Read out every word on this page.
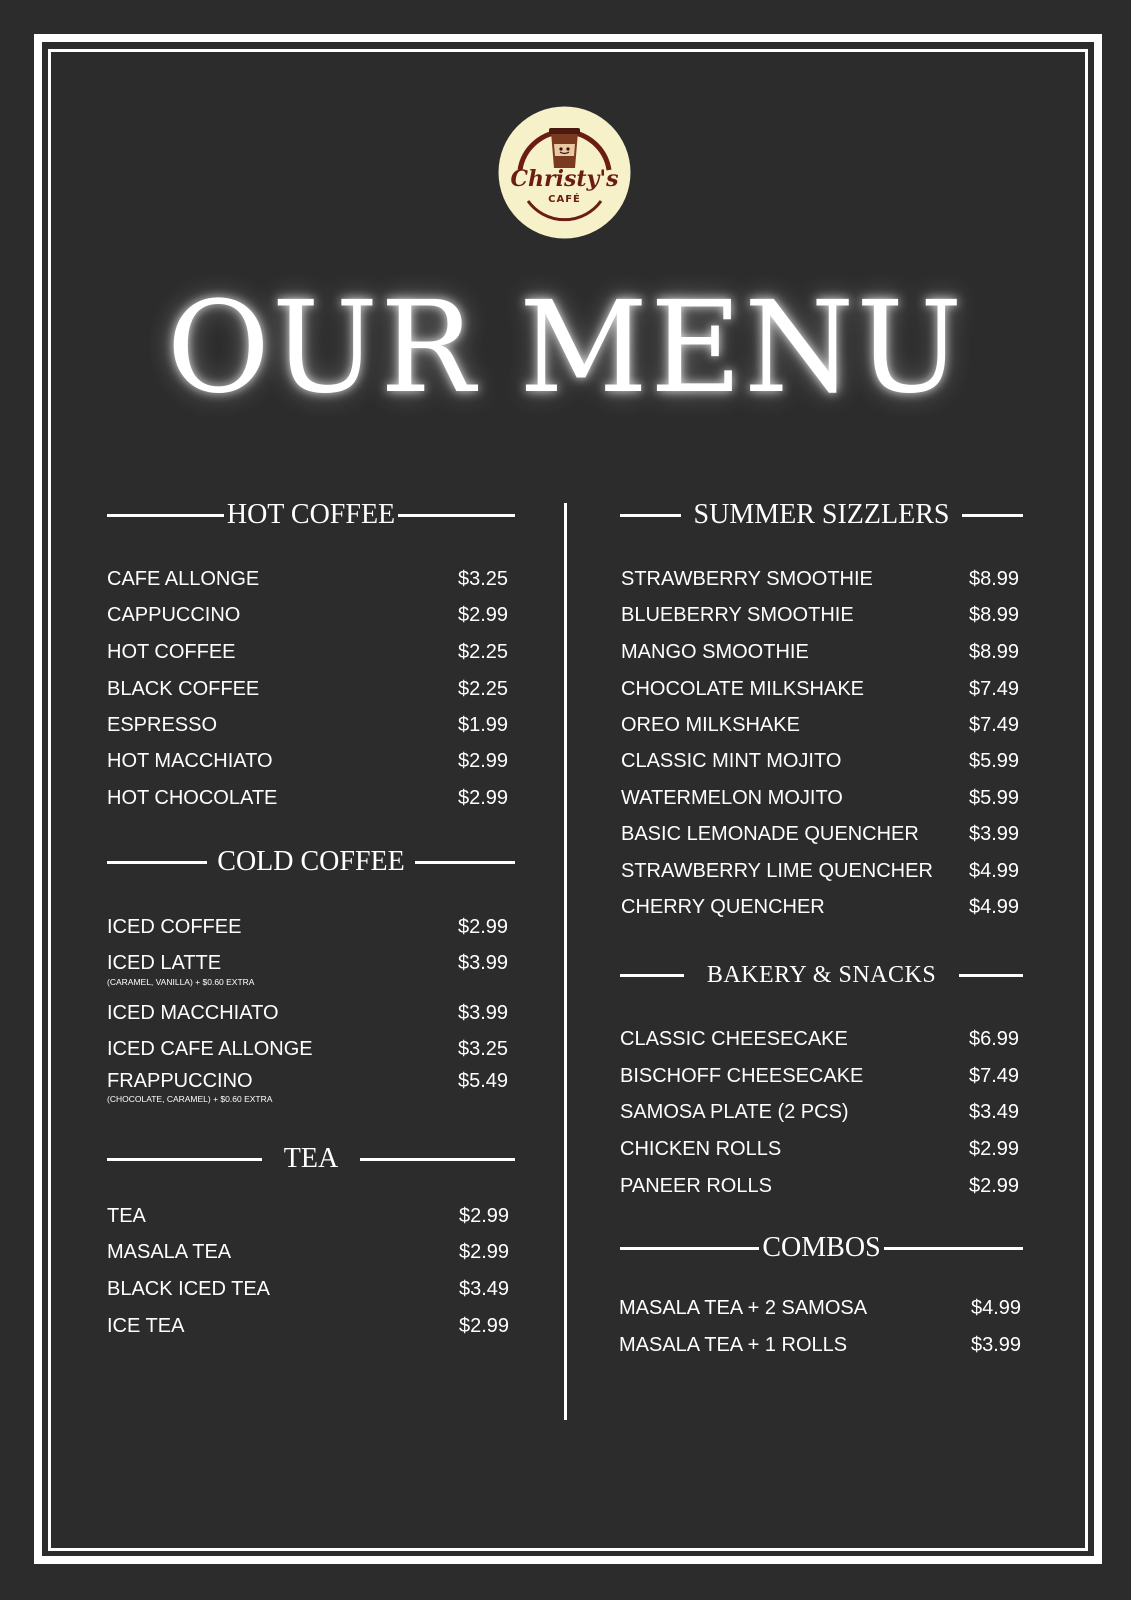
Christy's
CAFÉ
OUR MENU
HOT COFFEE
CAFE ALLONGE	$3.25
CAPPUCCINO	$2.99
HOT COFFEE	$2.25
BLACK COFFEE	$2.25
ESPRESSO	$1.99
HOT MACCHIATO	$2.99
HOT CHOCOLATE	$2.99
COLD COFFEE
ICED COFFEE	$2.99
ICED LATTE	$3.99
(CARAMEL, VANILLA) + $0.60 EXTRA
ICED MACCHIATO	$3.99
ICED CAFE ALLONGE	$3.25
FRAPPUCCINO	$5.49
(CHOCOLATE, CARAMEL) + $0.60 EXTRA
TEA
TEA	$2.99
MASALA TEA	$2.99
BLACK ICED TEA	$3.49
ICE TEA	$2.99
SUMMER SIZZLERS
STRAWBERRY SMOOTHIE	$8.99
BLUEBERRY SMOOTHIE	$8.99
MANGO SMOOTHIE	$8.99
CHOCOLATE MILKSHAKE	$7.49
OREO MILKSHAKE	$7.49
CLASSIC MINT MOJITO	$5.99
WATERMELON MOJITO	$5.99
BASIC LEMONADE QUENCHER	$3.99
STRAWBERRY LIME QUENCHER $4.99
CHERRY QUENCHER	$4.99
BAKERY & SNACKS
CLASSIC CHEESECAKE	$6.99
BISCHOFF CHEESECAKE	$7.49
SAMOSA PLATE (2 PCS)	$3.49
CHICKEN ROLLS	$2.99
PANEER ROLLS	$2.99
COMBOS
MASALA TEA + 2 SAMOSA	$4.99
MASALA TEA + 1 ROLLS	$3.99
